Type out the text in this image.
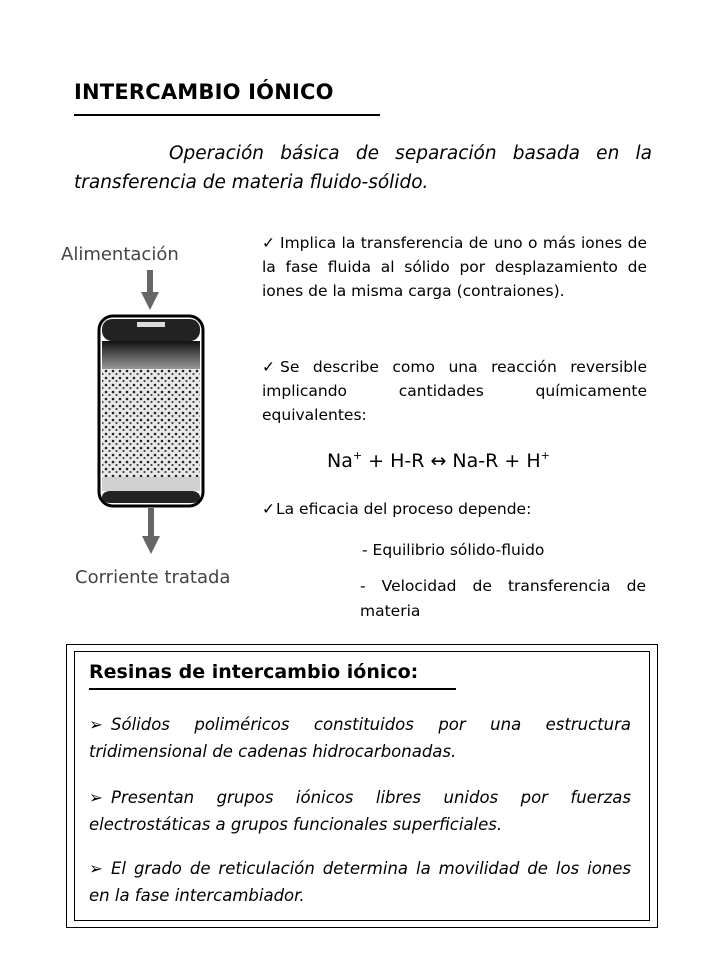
INTERCAMBIO IÓNICO
Operación básica de separación basada en la transferencia de materia fluido-sólido.
Alimentación
Corriente tratada
✓ Implica la transferencia de uno o más iones de la fase fluida al sólido por desplazamiento de iones de la misma carga (contraiones).
✓ Se describe como una reacción reversible implicando cantidades químicamente equivalentes:
Na+ + H-R ↔ Na-R + H+
✓La eficacia del proceso depende:
- Equilibrio sólido-fluido
- Velocidad de transferencia de materia
Resinas de intercambio iónico:
➢ Sólidos poliméricos constituidos por una estructura tridimensional de cadenas hidrocarbonadas.
➢ Presentan grupos iónicos libres unidos por fuerzas electrostáticas a grupos funcionales superficiales.
➢ El grado de reticulación determina la movilidad de los iones en la fase intercambiador.
